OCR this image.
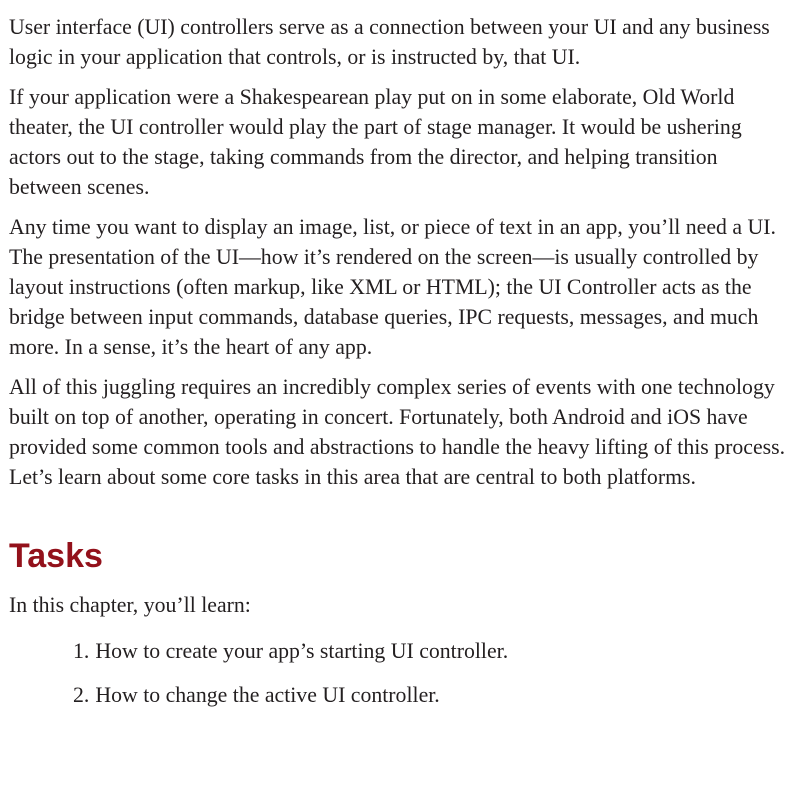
User interface (UI) controllers serve as a connection between your UI and any business logic in your application that controls, or is instructed by, that UI.

If your application were a Shakespearean play put on in some elaborate, Old World theater, the UI controller would play the part of stage manager. It would be ushering actors out to the stage, taking commands from the director, and helping transition between scenes.

Any time you want to display an image, list, or piece of text in an app, you’ll need a UI. The presentation of the UI—how it’s rendered on the screen—is usually controlled by layout instructions (often markup, like XML or HTML); the UI Controller acts as the bridge between input commands, database queries, IPC requests, messages, and much more. In a sense, it’s the heart of any app.

All of this juggling requires an incredibly complex series of events with one technology built on top of another, operating in concert. Fortunately, both Android and iOS have provided some common tools and abstractions to handle the heavy lifting of this process. Let’s learn about some core tasks in this area that are central to both platforms.

Tasks

In this chapter, you’ll learn:

1. How to create your app’s starting UI controller.
2. How to change the active UI controller.
